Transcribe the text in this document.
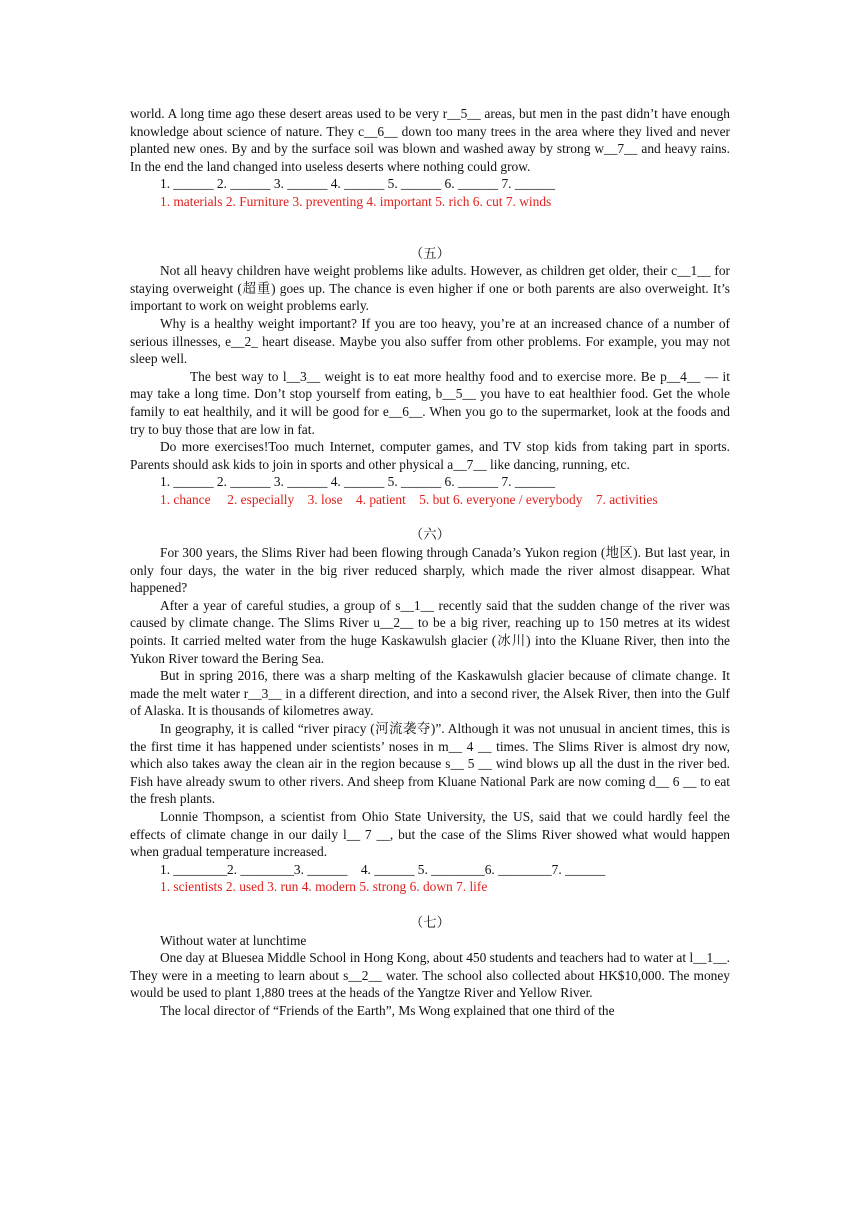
world. A long time ago these desert areas used to be very r__5__ areas, but men in the past didn’t have enough knowledge about science of nature. They c__6__ down too many trees in the area where they lived and never planted new ones. By and by the surface soil was blown and washed away by strong w__7__ and heavy rains. In the end the land changed into useless deserts where nothing could grow.

1. ______ 2. ______ 3. ______ 4. ______ 5. ______ 6. ______ 7. ______

1. materials 2. Furniture 3. preventing 4. important 5. rich 6. cut 7. winds

（五）

Not all heavy children have weight problems like adults. However, as children get older, their c__1__ for staying overweight (超重) goes up. The chance is even higher if one or both parents are also overweight. It’s important to work on weight problems early.

Why is a healthy weight important? If you are too heavy, you’re at an increased chance of a number of serious illnesses, e__2_ heart disease. Maybe you also suffer from other problems. For example, you may not sleep well.

The best way to l__3__ weight is to eat more healthy food and to exercise more. Be p__4__ — it may take a long time. Don’t stop yourself from eating, b__5__ you have to eat healthier food. Get the whole family to eat healthily, and it will be good for e__6__. When you go to the supermarket, look at the foods and try to buy those that are low in fat.

Do more exercises!Too much Internet, computer games, and TV stop kids from taking part in sports. Parents should ask kids to join in sports and other physical a__7__ like dancing, running, etc.

1. ______ 2. ______ 3. ______ 4. ______ 5. ______ 6. ______ 7. ______

1. chance     2. especially    3. lose    4. patient    5. but 6. everyone / everybody    7. activities

（六）

For 300 years, the Slims River had been flowing through Canada’s Yukon region (地区). But last year, in only four days, the water in the big river reduced sharply, which made the river almost disappear. What happened?

After a year of careful studies, a group of s__1__ recently said that the sudden change of the river was caused by climate change. The Slims River u__2__ to be a big river, reaching up to 150 metres at its widest points. It carried melted water from the huge Kaskawulsh glacier (冰川) into the Kluane River, then into the Yukon River toward the Bering Sea.

But in spring 2016, there was a sharp melting of the Kaskawulsh glacier because of climate change. It made the melt water r__3__ in a different direction, and into a second river, the Alsek River, then into the Gulf of Alaska. It is thousands of kilometres away.

In geography, it is called “river piracy (河流袭夺)”. Although it was not unusual in ancient times, this is the first time it has happened under scientists’ noses in m__ 4 __ times. The Slims River is almost dry now, which also takes away the clean air in the region because s__ 5 __ wind blows up all the dust in the river bed. Fish have already swum to other rivers. And sheep from Kluane National Park are now coming d__ 6 __ to eat the fresh plants.

Lonnie Thompson, a scientist from Ohio State University, the US, said that we could hardly feel the effects of climate change in our daily l__ 7 __, but the case of the Slims River showed what would happen when gradual temperature increased.

1. ________2. ________3. ______    4. ______ 5. ________6. ________7. ______

1. scientists 2. used 3. run 4. modern 5. strong 6. down 7. life

（七）

Without water at lunchtime

One day at Bluesea Middle School in Hong Kong, about 450 students and teachers had to water at l__1__. They were in a meeting to learn about s__2__ water. The school also collected about HK$10,000. The money would be used to plant 1,880 trees at the heads of the Yangtze River and Yellow River.

The local director of “Friends of the Earth”, Ms Wong explained that one third of the
